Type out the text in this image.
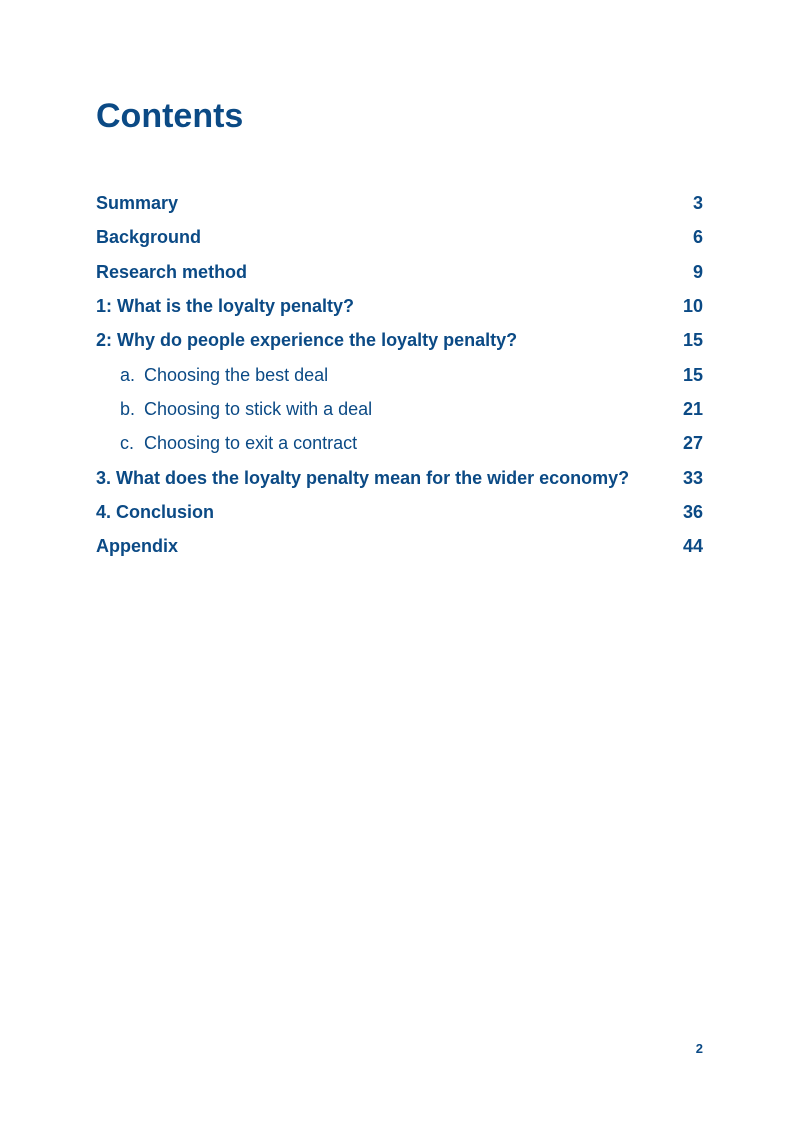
Contents
Summary	3
Background	6
Research method	9
1: What is the loyalty penalty?	10
2: Why do people experience the loyalty penalty?	15
a. Choosing the best deal	15
b. Choosing to stick with a deal	21
c. Choosing to exit a contract	27
3. What does the loyalty penalty mean for the wider economy?	33
4. Conclusion	36
Appendix	44
2
